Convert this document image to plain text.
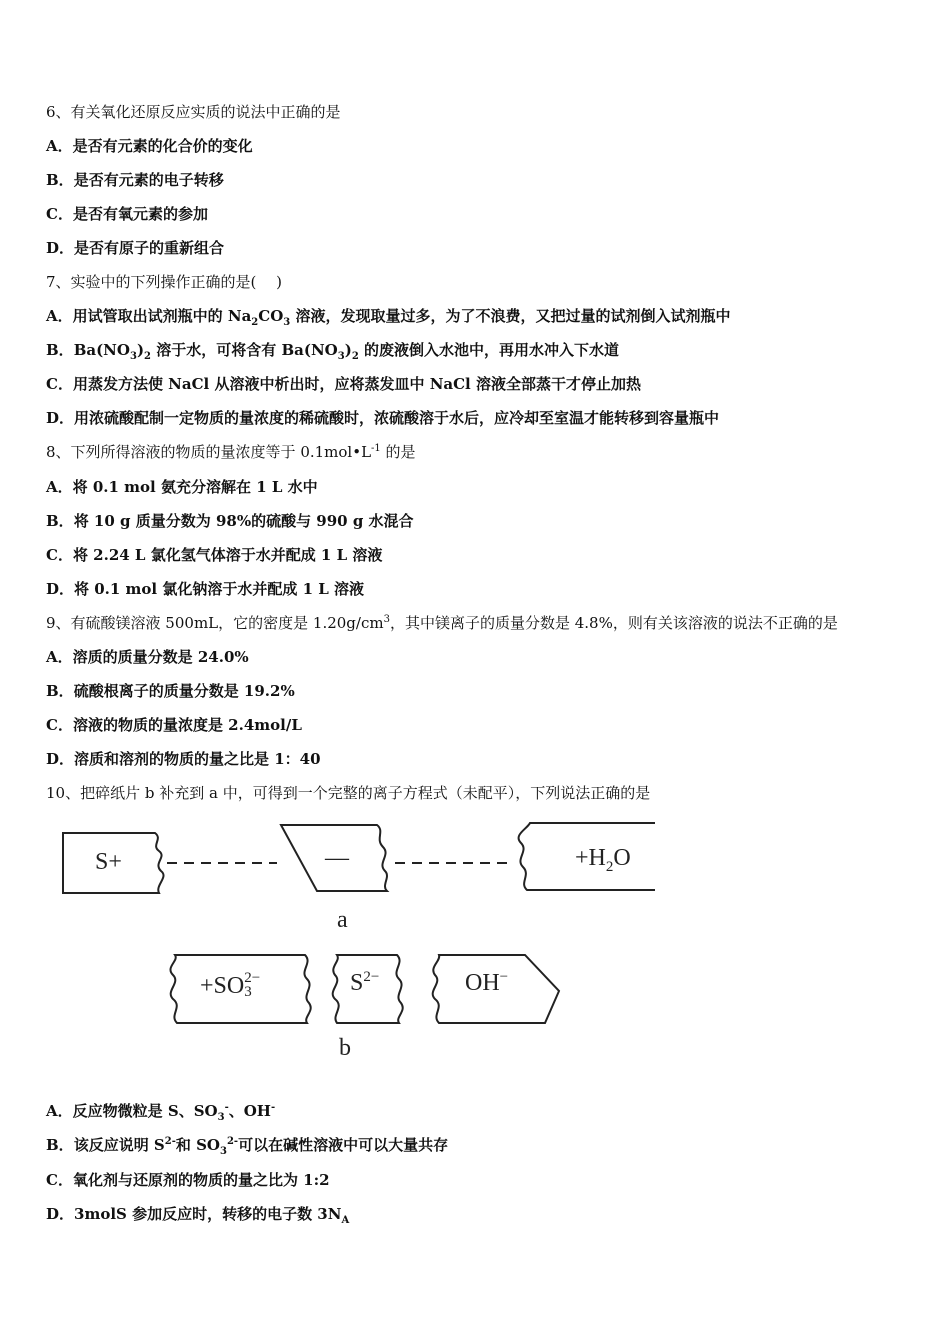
6、有关氧化还原反应实质的说法中正确的是
A．是否有元素的化合价的变化
B．是否有元素的电子转移
C．是否有氧元素的参加
D．是否有原子的重新组合
7、实验中的下列操作正确的是(　 )
A．用试管取出试剂瓶中的 $Na_2CO_3$ 溶液，发现取量过多，为了不浪费，又把过量的试剂倒入试剂瓶中
B．$Ba(NO_3)_2$ 溶于水，可将含有 $Ba(NO_3)_2$ 的废液倒入水池中，再用水冲入下水道
C．用蒸发方法使 NaCl 从溶液中析出时，应将蒸发皿中 NaCl 溶液全部蒸干才停止加热
D．用浓硫酸配制一定物质的量浓度的稀硫酸时，浓硫酸溶于水后，应冷却至室温才能转移到容量瓶中
8、下列所得溶液的物质的量浓度等于 $0.1mol•L^{-1}$ 的是
A．将 0.1 mol 氨充分溶解在 1 L 水中
B．将 10 g 质量分数为 98%的硫酸与 990 g 水混合
C．将 2.24 L 氯化氢气体溶于水并配成 1 L 溶液
D．将 0.1 mol 氯化钠溶于水并配成 1 L 溶液
9、有硫酸镁溶液 500mL，它的密度是 $1.20g/cm^3$，其中镁离子的质量分数是 4.8%，则有关该溶液的说法不正确的是
A．溶质的质量分数是 24.0%
B．硫酸根离子的质量分数是 19.2%
C．溶液的物质的量浓度是 2.4mol/L
D．溶质和溶剂的物质的量之比是 1：40
10、把碎纸片 b 补充到 a 中，可得到一个完整的离子方程式（未配平），下列说法正确的是
S+	—	$+H_2O$
a
+SO 2−
3	$S^{2-}$	OH−
b
A．反应物微粒是 S、$SO_3^-$、OH-
B．该反应说明 $S^{2-}$和 $SO_3^{2-}$可以在碱性溶液中可以大量共存
C．氧化剂与还原剂的物质的量之比为 1:2
D．3molS 参加反应时，转移的电子数 $3N_A$
